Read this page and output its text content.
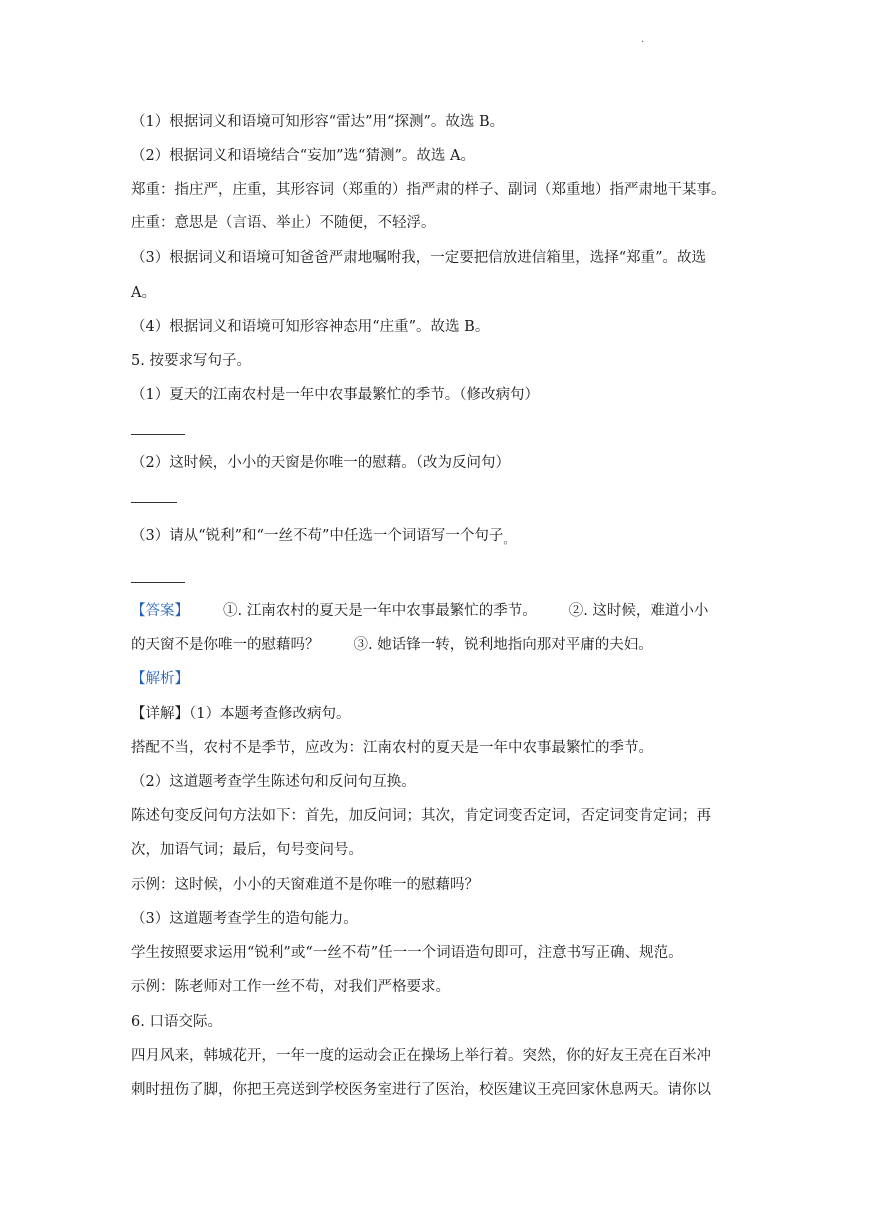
.
（1）根据词义和语境可知形容“雷达”用“探测”。故选 B。
（2）根据词义和语境结合“妄加”选“猜测”。故选 A。
郑重：指庄严，庄重，其形容词（郑重的）指严肃的样子、副词（郑重地）指严肃地干某事。
庄重：意思是（言语、举止）不随便，不轻浮。
（3）根据词义和语境可知爸爸严肃地嘱咐我，一定要把信放进信箱里，选择“郑重”。故选
A。
（4）根据词义和语境可知形容神态用“庄重”。故选 B。
5. 按要求写句子。
（1）夏天的江南农村是一年中农事最繁忙的季节。（修改病句）
（2）这时候，小小的天窗是你唯一的慰藉。（改为反问句）
（3）请从“锐利”和“一丝不苟”中任选一个词语写一个句子$_。$
【答案】 ①. 江南农村的夏天是一年中农事最繁忙的季节。 ②. 这时候，难道小小
的天窗不是你唯一的慰藉吗？ ③. 她话锋一转，锐利地指向那对平庸的夫妇。
【解析】
【详解】（1）本题考查修改病句。
搭配不当，农村不是季节，应改为：江南农村的夏天是一年中农事最繁忙的季节。
（2）这道题考查学生陈述句和反问句互换。
陈述句变反问句方法如下：首先，加反问词；其次，肯定词变否定词，否定词变肯定词；再
次，加语气词；最后，句号变问号。
示例：这时候，小小的天窗难道不是你唯一的慰藉吗？
（3）这道题考查学生的造句能力。
学生按照要求运用“锐利”或“一丝不苟”任一一个词语造句即可，注意书写正确、规范。
示例：陈老师对工作一丝不苟，对我们严格要求。
6. 口语交际。
四月风来，韩城花开，一年一度的运动会正在操场上举行着。突然，你的好友王亮在百米冲
刺时扭伤了脚，你把王亮送到学校医务室进行了医治，校医建议王亮回家休息两天。请你以
